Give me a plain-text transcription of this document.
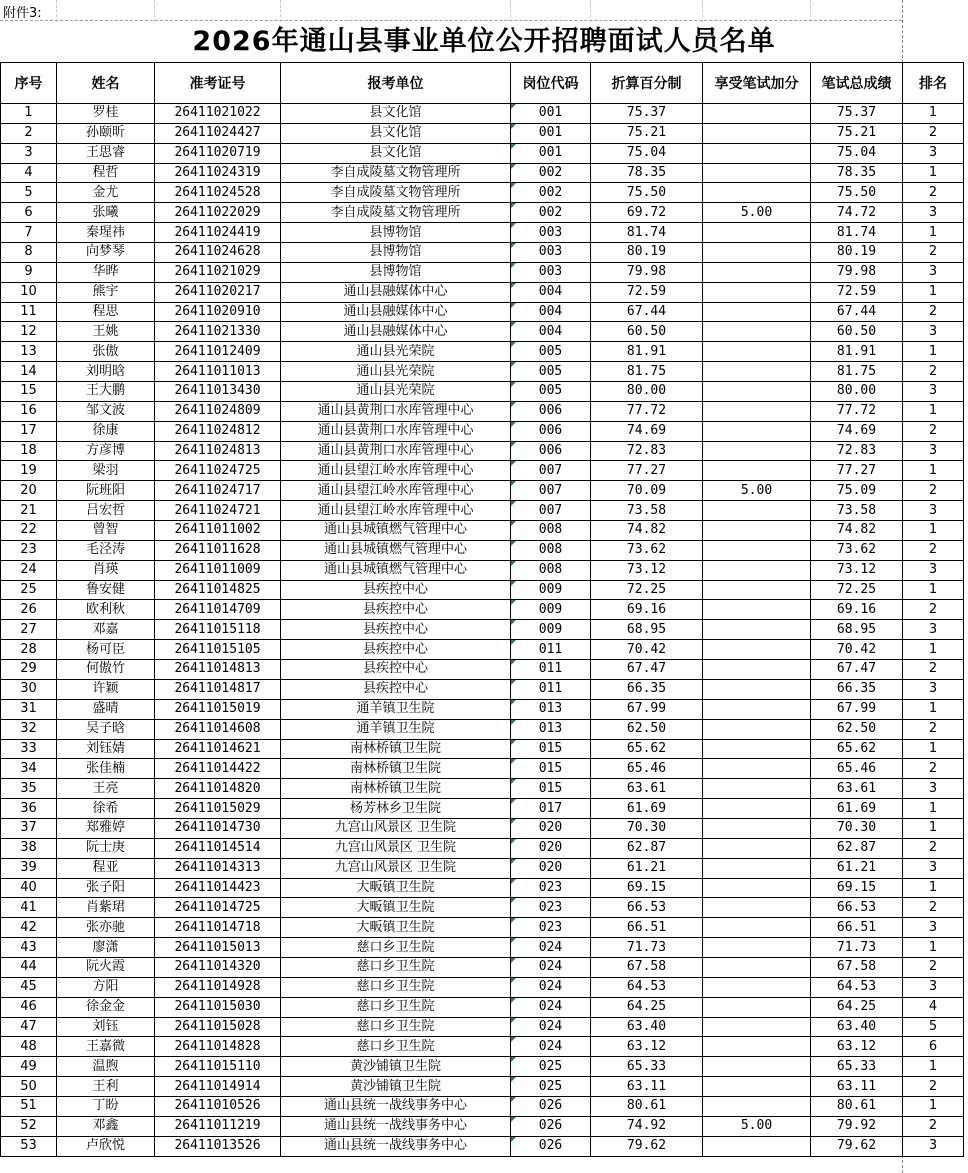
附件3:
2026年通山县事业单位公开招聘面试人员名单
序号	姓名	准考证号	报考单位	岗位代码	折算百分制	享受笔试加分	笔试总成绩	排名
1	罗桂	26411021022	县文化馆	001	75.37		75.37	1
2	孙颐昕	26411024427	县文化馆	001	75.21		75.21	2
3	王思睿	26411020719	县文化馆	001	75.04		75.04	3
4	程哲	26411024319	李自成陵墓文物管理所	002	78.35		78.35	1
5	金尤	26411024528	李自成陵墓文物管理所	002	75.50		75.50	2
6	张曦	26411022029	李自成陵墓文物管理所	002	69.72	5.00	74.72	3
7	秦瑆祎	26411024419	县博物馆	003	81.74		81.74	1
8	向梦琴	26411024628	县博物馆	003	80.19		80.19	2
9	华晔	26411021029	县博物馆	003	79.98		79.98	3
10	熊宇	26411020217	通山县融媒体中心	004	72.59		72.59	1
11	程思	26411020910	通山县融媒体中心	004	67.44		67.44	2
12	王姚	26411021330	通山县融媒体中心	004	60.50		60.50	3
13	张傲	26411012409	通山县光荣院	005	81.91		81.91	1
14	刘明晗	26411011013	通山县光荣院	005	81.75		81.75	2
15	王大鹏	26411013430	通山县光荣院	005	80.00		80.00	3
16	邹文波	26411024809	通山县黄荆口水库管理中心	006	77.72		77.72	1
17	徐康	26411024812	通山县黄荆口水库管理中心	006	74.69		74.69	2
18	方彦博	26411024813	通山县黄荆口水库管理中心	006	72.83		72.83	3
19	梁羽	26411024725	通山县望江岭水库管理中心	007	77.27		77.27	1
20	阮班阳	26411024717	通山县望江岭水库管理中心	007	70.09	5.00	75.09	2
21	吕宏哲	26411024721	通山县望江岭水库管理中心	007	73.58		73.58	3
22	曾智	26411011002	通山县城镇燃气管理中心	008	74.82		74.82	1
23	毛泾涛	26411011628	通山县城镇燃气管理中心	008	73.62		73.62	2
24	肖瑛	26411011009	通山县城镇燃气管理中心	008	73.12		73.12	3
25	鲁安健	26411014825	县疾控中心	009	72.25		72.25	1
26	欧利秋	26411014709	县疾控中心	009	69.16		69.16	2
27	邓嘉	26411015118	县疾控中心	009	68.95		68.95	3
28	杨可臣	26411015105	县疾控中心	011	70.42		70.42	1
29	何傲竹	26411014813	县疾控中心	011	67.47		67.47	2
30	许颖	26411014817	县疾控中心	011	66.35		66.35	3
31	盛晴	26411015019	通羊镇卫生院	013	67.99		67.99	1
32	吴子晗	26411014608	通羊镇卫生院	013	62.50		62.50	2
33	刘钰婧	26411014621	南林桥镇卫生院	015	65.62		65.62	1
34	张佳楠	26411014422	南林桥镇卫生院	015	65.46		65.46	2
35	王亮	26411014820	南林桥镇卫生院	015	63.61		63.61	3
36	徐希	26411015029	杨芳林乡卫生院	017	61.69		61.69	1
37	郑雅婷	26411014730	九宫山风景区 卫生院	020	70.30		70.30	1
38	阮士庚	26411014514	九宫山风景区 卫生院	020	62.87		62.87	2
39	程亚	26411014313	九宫山风景区 卫生院	020	61.21		61.21	3
40	张子阳	26411014423	大畈镇卫生院	023	69.15		69.15	1
41	肖紫珺	26411014725	大畈镇卫生院	023	66.53		66.53	2
42	张亦驰	26411014718	大畈镇卫生院	023	66.51		66.51	3
43	廖潇	26411015013	慈口乡卫生院	024	71.73		71.73	1
44	阮火霞	26411014320	慈口乡卫生院	024	67.58		67.58	2
45	方阳	26411014928	慈口乡卫生院	024	64.53		64.53	3
46	徐金金	26411015030	慈口乡卫生院	024	64.25		64.25	4
47	刘钰	26411015028	慈口乡卫生院	024	63.40		63.40	5
48	王嘉微	26411014828	慈口乡卫生院	024	63.12		63.12	6
49	温煦	26411015110	黄沙铺镇卫生院	025	65.33		65.33	1
50	王利	26411014914	黄沙铺镇卫生院	025	63.11		63.11	2
51	丁盼	26411010526	通山县统一战线事务中心	026	80.61		80.61	1
52	邓鑫	26411011219	通山县统一战线事务中心	026	74.92	5.00	79.92	2
53	卢欣悦	26411013526	通山县统一战线事务中心	026	79.62		79.62	3
